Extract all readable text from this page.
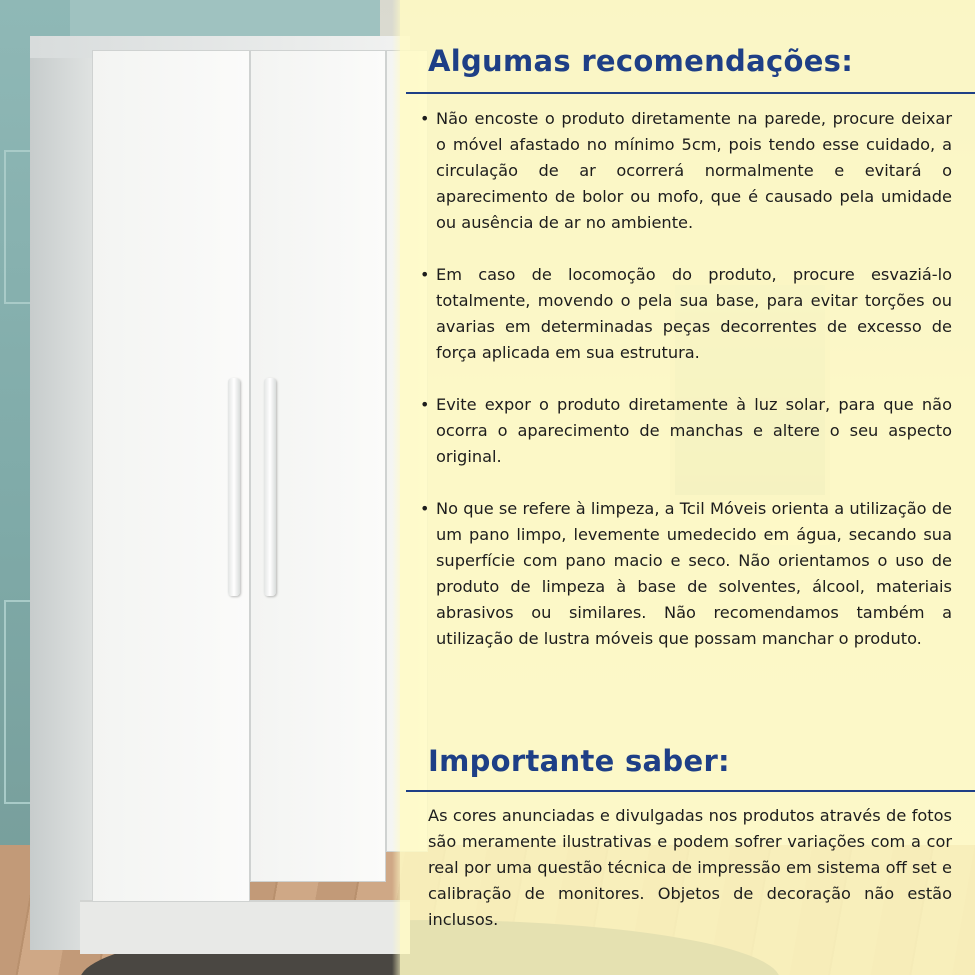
Algumas recomendações:
• Não encoste o produto diretamente na parede, procure deixar o móvel afastado no mínimo 5cm, pois tendo esse cuidado, a circulação de ar ocorrerá normalmente e evitará o aparecimento de bolor ou mofo, que é causado pela umidade ou ausência de ar no ambiente.
• Em caso de locomoção do produto, procure esvaziá-lo totalmente, movendo o pela sua base, para evitar torções ou avarias em determinadas peças decorrentes de excesso de força aplicada em sua estrutura.
• Evite expor o produto diretamente à luz solar, para que não ocorra o aparecimento de manchas e altere o seu aspecto original.
• No que se refere à limpeza, a Tcil Móveis orienta a utilização de um pano limpo, levemente umedecido em água, secando sua superfície com pano macio e seco. Não orientamos o uso de produto de limpeza à base de solventes, álcool, materiais abrasivos ou similares. Não recomendamos também a utilização de lustra móveis que possam manchar o produto.
Importante saber:

As cores anunciadas e divulgadas nos produtos através de fotos são meramente ilustrativas e podem sofrer variações com a cor real por uma questão técnica de impressão em sistema off set e calibração de monitores. Objetos de decoração não estão inclusos.
